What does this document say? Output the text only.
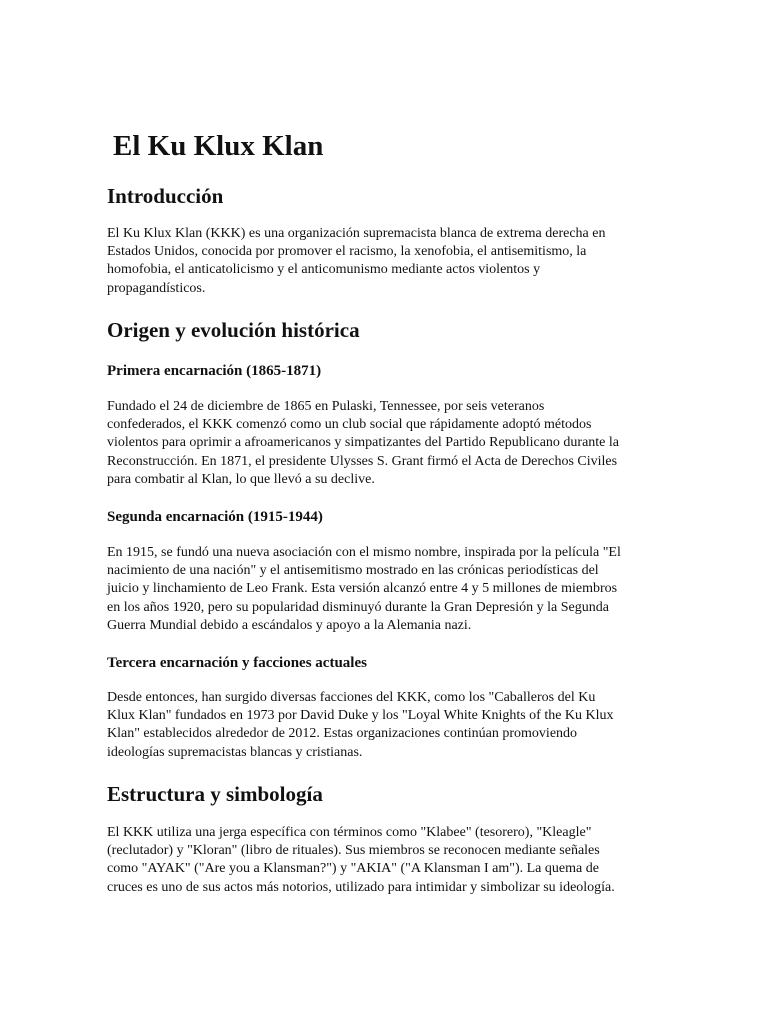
El Ku Klux Klan
Introducción

El Ku Klux Klan (KKK) es una organización supremacista blanca de extrema derecha en
Estados Unidos, conocida por promover el racismo, la xenofobia, el antisemitismo, la
homofobia, el anticatolicismo y el anticomunismo mediante actos violentos y
propagandísticos.

Origen y evolución histórica
Primera encarnación (1865-1871)

Fundado el 24 de diciembre de 1865 en Pulaski, Tennessee, por seis veteranos
confederados, el KKK comenzó como un club social que rápidamente adoptó métodos
violentos para oprimir a afroamericanos y simpatizantes del Partido Republicano durante la
Reconstrucción. En 1871, el presidente Ulysses S. Grant firmó el Acta de Derechos Civiles
para combatir al Klan, lo que llevó a su declive.

Segunda encarnación (1915-1944)

En 1915, se fundó una nueva asociación con el mismo nombre, inspirada por la película "El
nacimiento de una nación" y el antisemitismo mostrado en las crónicas periodísticas del
juicio y linchamiento de Leo Frank. Esta versión alcanzó entre 4 y 5 millones de miembros
en los años 1920, pero su popularidad disminuyó durante la Gran Depresión y la Segunda
Guerra Mundial debido a escándalos y apoyo a la Alemania nazi.

Tercera encarnación y facciones actuales

Desde entonces, han surgido diversas facciones del KKK, como los "Caballeros del Ku
Klux Klan" fundados en 1973 por David Duke y los "Loyal White Knights of the Ku Klux
Klan" establecidos alrededor de 2012. Estas organizaciones continúan promoviendo
ideologías supremacistas blancas y cristianas.

Estructura y simbología

El KKK utiliza una jerga específica con términos como "Klabee" (tesorero), "Kleagle"
(reclutador) y "Kloran" (libro de rituales). Sus miembros se reconocen mediante señales
como "AYAK" ("Are you a Klansman?") y "AKIA" ("A Klansman I am"). La quema de
cruces es uno de sus actos más notorios, utilizado para intimidar y simbolizar su ideología.
